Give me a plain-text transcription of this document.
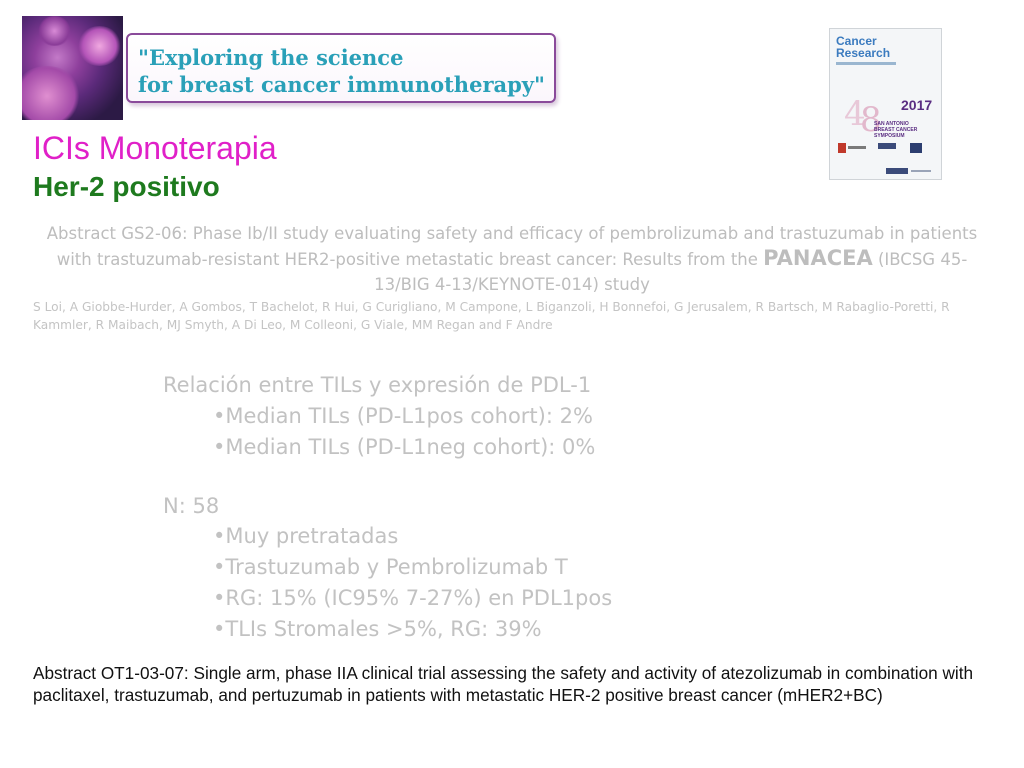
"Exploring the science
for breast cancer immunotherapy"
Cancer
Research
4
8 2017
SAN ANTONIO
BREAST CANCER
SYMPOSIUM
ICIs Monoterapia
Her-2 positivo
Abstract GS2-06: Phase Ib/II study evaluating safety and efficacy of pembrolizumab and trastuzumab in patients with trastuzumab-resistant HER2-positive metastatic breast cancer: Results from the PANACEA (IBCSG 45-13/BIG 4-13/KEYNOTE-014) study
S Loi, A Giobbe-Hurder, A Gombos, T Bachelot, R Hui, G Curigliano, M Campone, L Biganzoli, H Bonnefoi, G Jerusalem, R Bartsch, M Rabaglio-Poretti, R Kammler, R Maibach, MJ Smyth, A Di Leo, M Colleoni, G Viale, MM Regan and F Andre
Relación entre TILs y expresión de PDL-1
•Median TILs (PD-L1pos cohort): 2%
•Median TILs (PD-L1neg cohort): 0%
N: 58
•Muy pretratadas
•Trastuzumab y Pembrolizumab T
•RG: 15% (IC95% 7-27%) en PDL1pos
•TLIs Stromales >5%, RG: 39%
Abstract OT1-03-07: Single arm, phase IIA clinical trial assessing the safety and activity of atezolizumab in combination with paclitaxel, trastuzumab, and pertuzumab in patients with metastatic HER-2 positive breast cancer (mHER2+BC)
